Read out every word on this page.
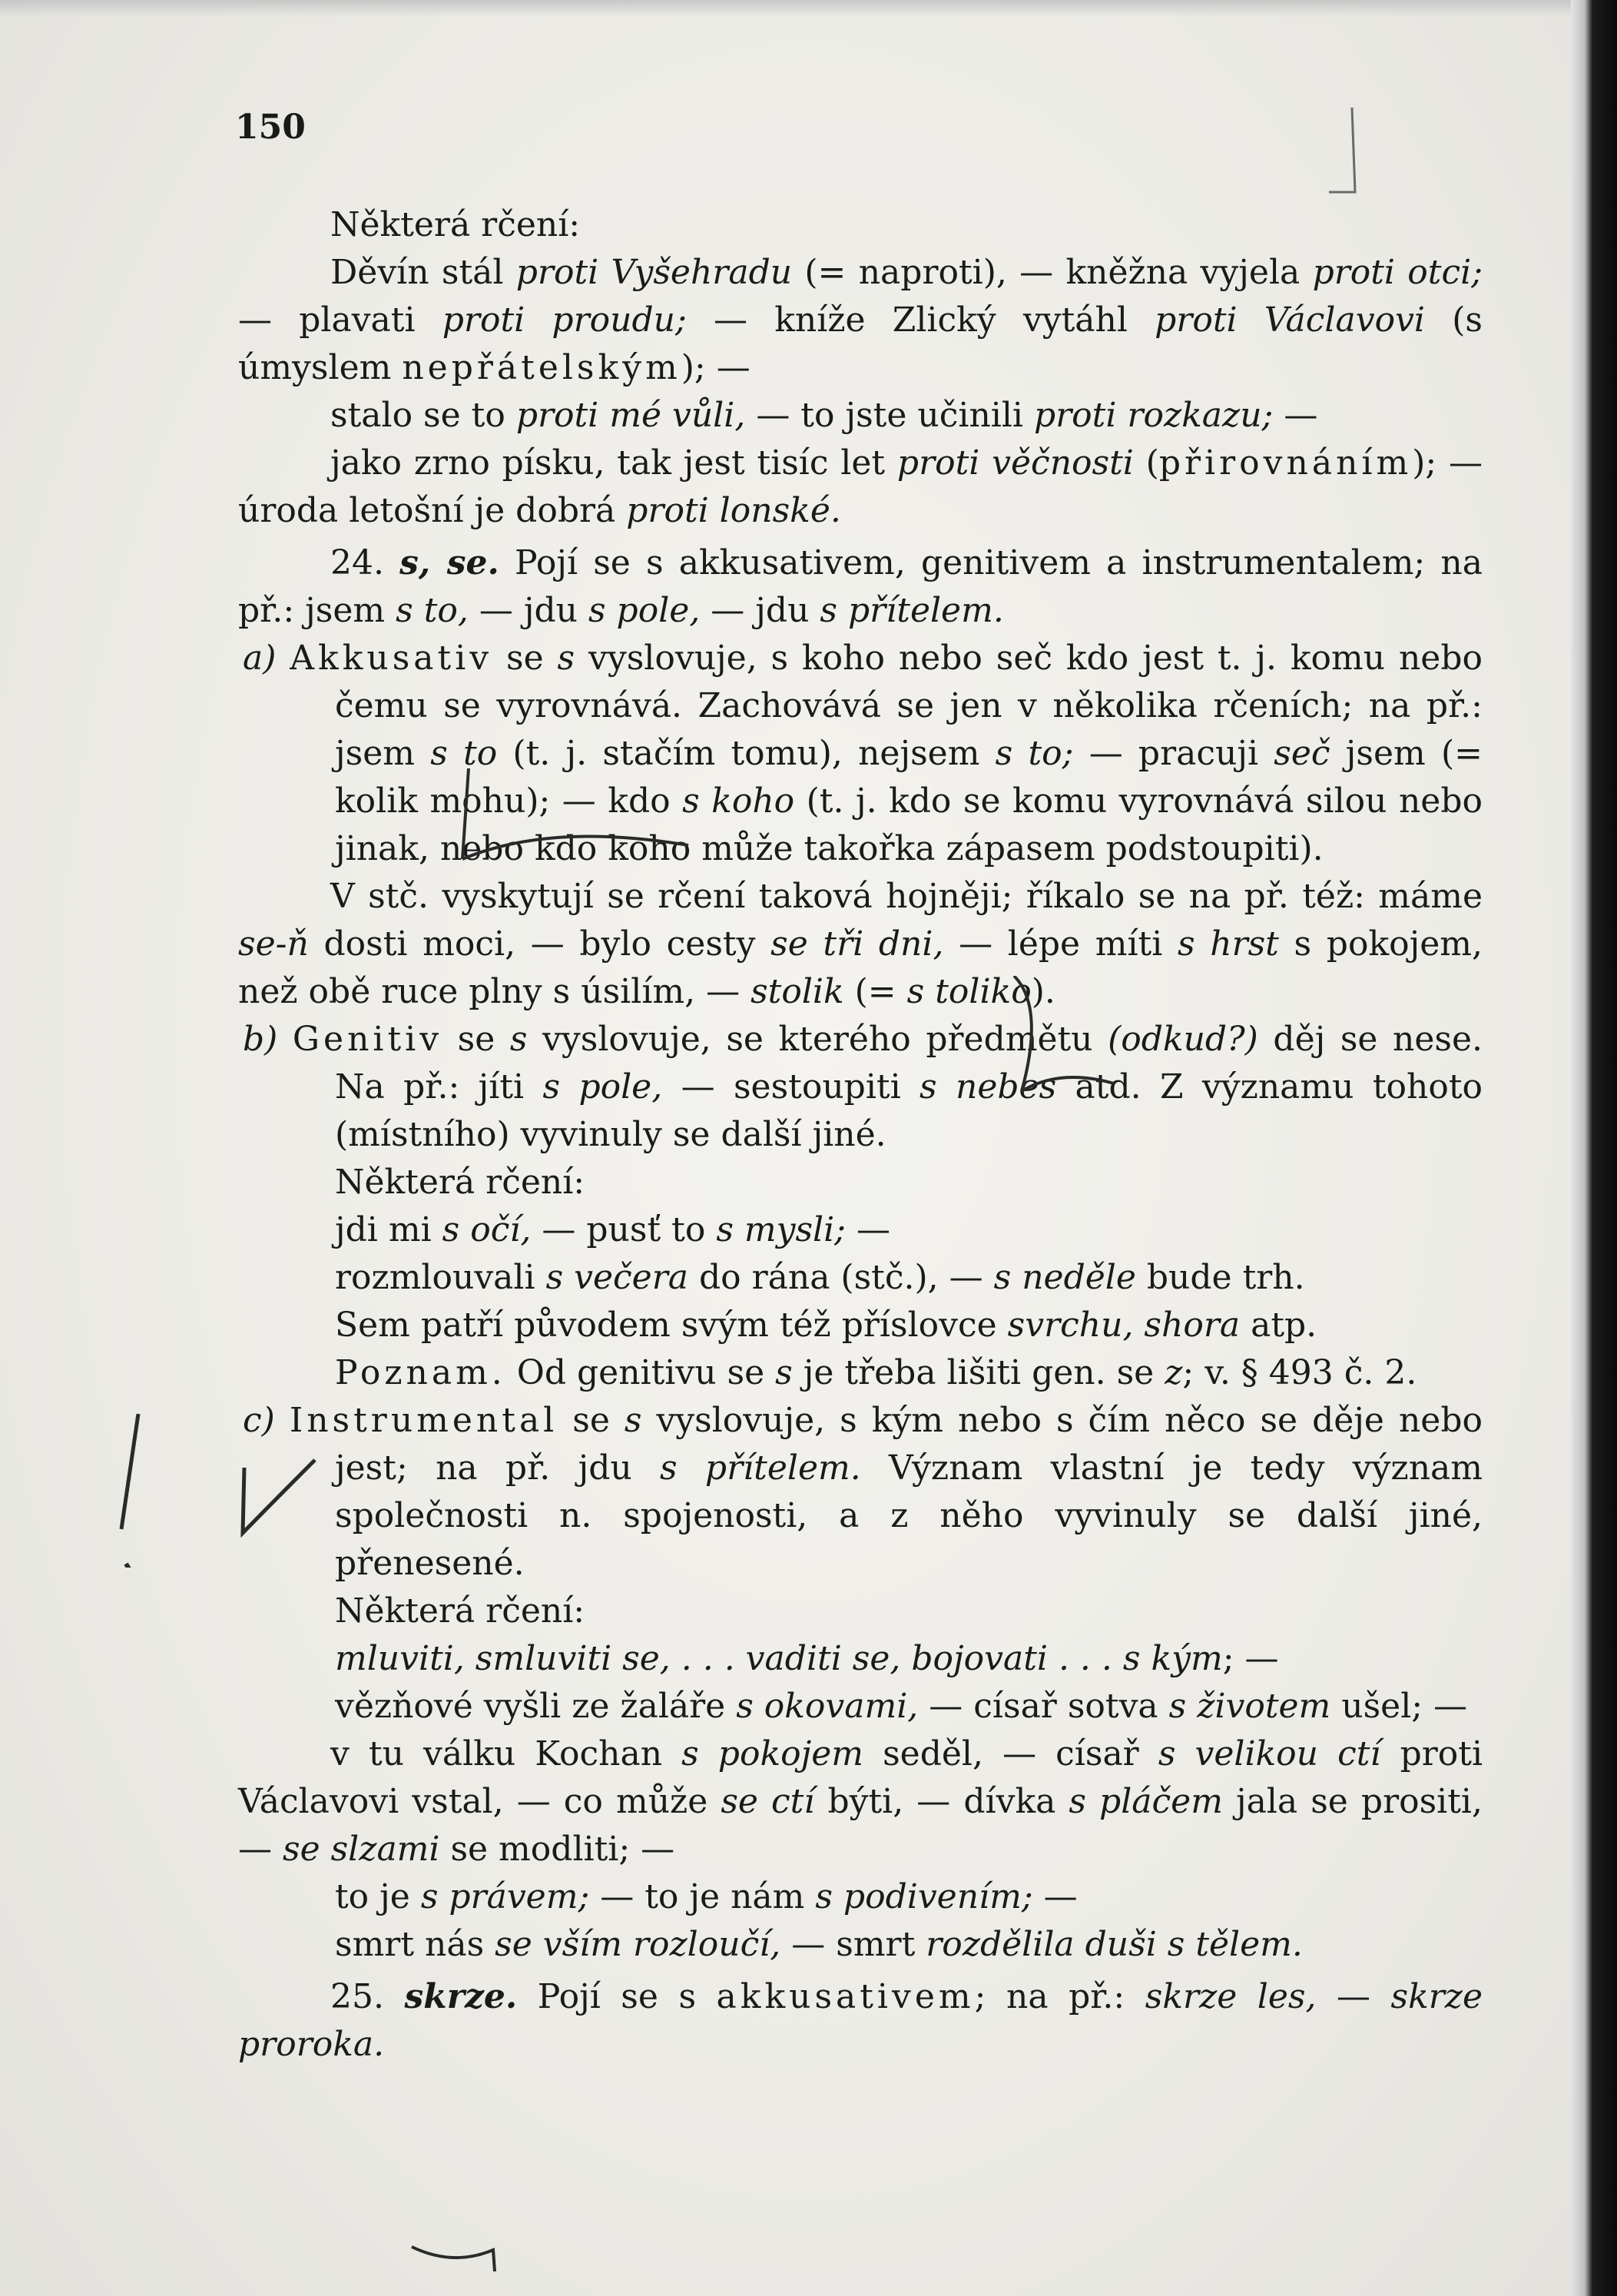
150

Některá rčení:

Děvín stál proti Vyšehradu (= naproti), — kněžna vyjela proti otci; — plavati proti proudu; — kníže Zlický vytáhl proti Václavovi (s úmyslem nepřátelským); —

stalo se to proti mé vůli, — to jste učinili proti rozkazu; —

jako zrno písku, tak jest tisíc let proti věčnosti (přirovnáním); — úroda letošní je dobrá proti lonské.

24. s, se. Pojí se s akkusativem, genitivem a instrumentalem; na př.: jsem s to, — jdu s pole, — jdu s přítelem.

a) Akkusativ se s vyslovuje, s koho nebo seč kdo jest t. j. komu nebo čemu se vyrovnává. Zachovává se jen v několika rčeních; na př.: jsem s to (t. j. stačím tomu), nejsem s to; — pracuji seč jsem (= kolik mohu); — kdo s koho (t. j. kdo se komu vyrovnává silou nebo jinak, nebo kdo koho může takořka zápasem podstoupiti).

V stč. vyskytují se rčení taková hojněji; říkalo se na př. též: máme se-ň dosti moci, — bylo cesty se tři dni, — lépe míti s hrst s pokojem, než obě ruce plny s úsilím, — stolik (= s toliko).

b) Genitiv se s vyslovuje, se kterého předmětu (odkud?) děj se nese. Na př.: jíti s pole, — sestoupiti s nebes atd. Z významu tohoto (místního) vyvinuly se další jiné.

Některá rčení:

jdi mi s očí, — pusť to s mysli; —

rozmlouvali s večera do rána (stč.), — s neděle bude trh.

Sem patří původem svým též příslovce svrchu, shora atp.

Poznam. Od genitivu se s je třeba lišiti gen. se z; v. § 493 č. 2.

c) Instrumental se s vyslovuje, s kým nebo s čím něco se děje nebo jest; na př. jdu s přítelem. Význam vlastní je tedy význam společnosti n. spojenosti, a z něho vyvinuly se další jiné, přenesené.

Některá rčení:

mluviti, smluviti se, . . . vaditi se, bojovati . . . s kým; —

vězňové vyšli ze žaláře s okovami, — císař sotva s životem ušel; —

v tu válku Kochan s pokojem seděl, — císař s velikou ctí proti Václavovi vstal, — co může se ctí býti, — dívka s pláčem jala se prositi, — se slzami se modliti; —

to je s právem; — to je nám s podivením; —

smrt nás se vším rozloučí, — smrt rozdělila duši s tělem.

25. skrze. Pojí se s akkusativem; na př.: skrze les, — skrze proroka.
